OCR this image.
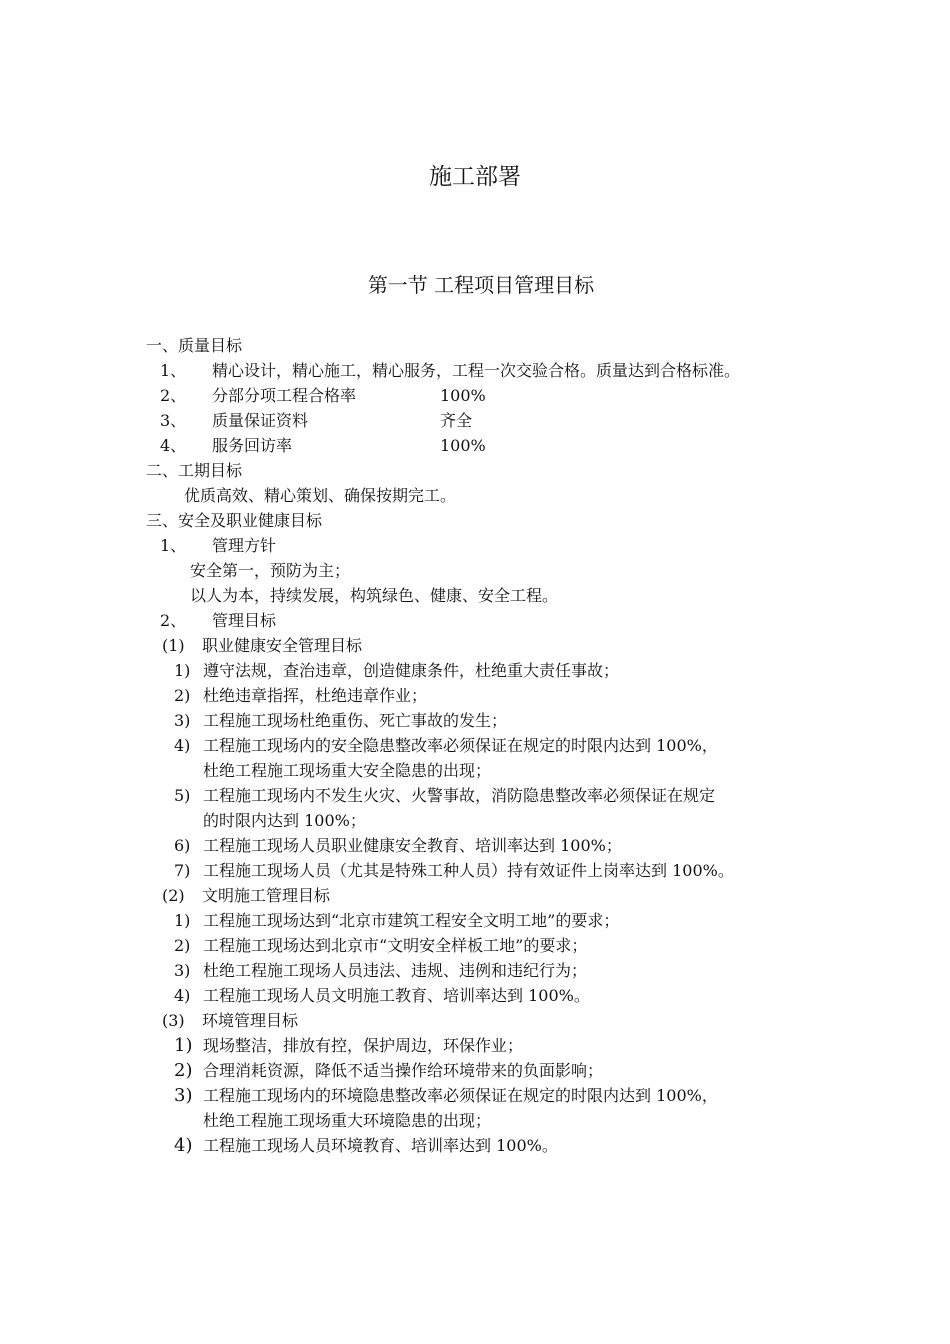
施工部署
第一节 工程项目管理目标
一、质量目标
1、 精心设计，精心施工，精心服务，工程一次交验合格。质量达到合格标准。
2、 分部分项工程合格率	100%
3、 质量保证资料	齐全
4、 服务回访率	100%
二、工期目标
优质高效、精心策划、确保按期完工。
三、安全及职业健康目标
1、 管理方针
安全第一，预防为主；
以人为本，持续发展，构筑绿色、健康、安全工程。
2、 管理目标
(1) 职业健康安全管理目标
1) 遵守法规，查治违章，创造健康条件，杜绝重大责任事故；
2) 杜绝违章指挥，杜绝违章作业；
3) 工程施工现场杜绝重伤、死亡事故的发生；
4) 工程施工现场内的安全隐患整改率必须保证在规定的时限内达到 100%，
杜绝工程施工现场重大安全隐患的出现；
5) 工程施工现场内不发生火灾、火警事故，消防隐患整改率必须保证在规定
的时限内达到 100%；
6) 工程施工现场人员职业健康安全教育、培训率达到 100%；
7) 工程施工现场人员（尤其是特殊工种人员）持有效证件上岗率达到 100%。
(2) 文明施工管理目标
1) 工程施工现场达到“北京市建筑工程安全文明工地”的要求；
2) 工程施工现场达到北京市“文明安全样板工地”的要求；
3) 杜绝工程施工现场人员违法、违规、违例和违纪行为；
4) 工程施工现场人员文明施工教育、培训率达到 100%。
(3) 环境管理目标
1) 现场整洁，排放有控，保护周边，环保作业；
2) 合理消耗资源，降低不适当操作给环境带来的负面影响；
3) 工程施工现场内的环境隐患整改率必须保证在规定的时限内达到 100%，
杜绝工程施工现场重大环境隐患的出现；
4) 工程施工现场人员环境教育、培训率达到 100%。
